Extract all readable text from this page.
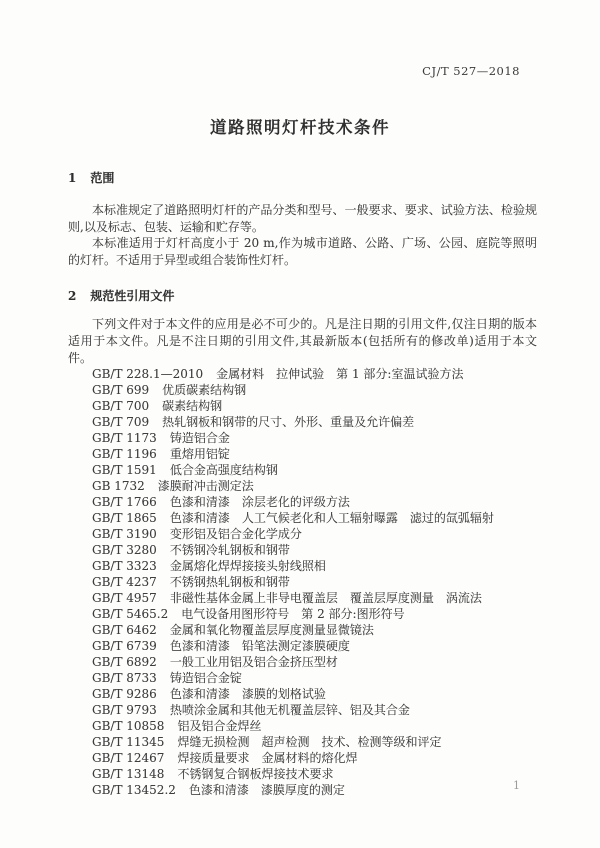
CJ/T 527—2018
道路照明灯杆技术条件
1 范围

本标准规定了道路照明灯杆的产品分类和型号、一般要求、要求、试验方法、检验规则,以及标志、包装、运输和贮存等。

本标准适用于灯杆高度小于 20 m,作为城市道路、公路、广场、公园、庭院等照明的灯杆。不适用于异型或组合装饰性灯杆。

2 规范性引用文件

下列文件对于本文件的应用是必不可少的。凡是注日期的引用文件,仅注日期的版本适用于本文件。凡是不注日期的引用文件,其最新版本(包括所有的修改单)适用于本文件。

GB/T 228.1—2010 金属材料　拉伸试验　第 1 部分:室温试验方法
GB/T 699 优质碳素结构钢
GB/T 700 碳素结构钢
GB/T 709 热轧钢板和钢带的尺寸、外形、重量及允许偏差
GB/T 1173 铸造铝合金
GB/T 1196 重熔用铝锭
GB/T 1591 低合金高强度结构钢
GB 1732 漆膜耐冲击测定法
GB/T 1766 色漆和清漆　涂层老化的评级方法
GB/T 1865 色漆和清漆　人工气候老化和人工辐射曝露　滤过的氙弧辐射
GB/T 3190 变形铝及铝合金化学成分
GB/T 3280 不锈钢冷轧钢板和钢带
GB/T 3323 金属熔化焊焊接接头射线照相
GB/T 4237 不锈钢热轧钢板和钢带
GB/T 4957 非磁性基体金属上非导电覆盖层　覆盖层厚度测量　涡流法
GB/T 5465.2 电气设备用图形符号　第 2 部分:图形符号
GB/T 6462 金属和氧化物覆盖层厚度测量显微镜法
GB/T 6739 色漆和清漆　铅笔法测定漆膜硬度
GB/T 6892 一般工业用铝及铝合金挤压型材
GB/T 8733 铸造铝合金锭
GB/T 9286 色漆和清漆　漆膜的划格试验
GB/T 9793 热喷涂金属和其他无机覆盖层锌、铝及其合金
GB/T 10858 铝及铝合金焊丝
GB/T 11345 焊缝无损检测　超声检测　技术、检测等级和评定
GB/T 12467 焊接质量要求　金属材料的熔化焊
GB/T 13148 不锈钢复合钢板焊接技术要求
GB/T 13452.2 色漆和清漆　漆膜厚度的测定	1
